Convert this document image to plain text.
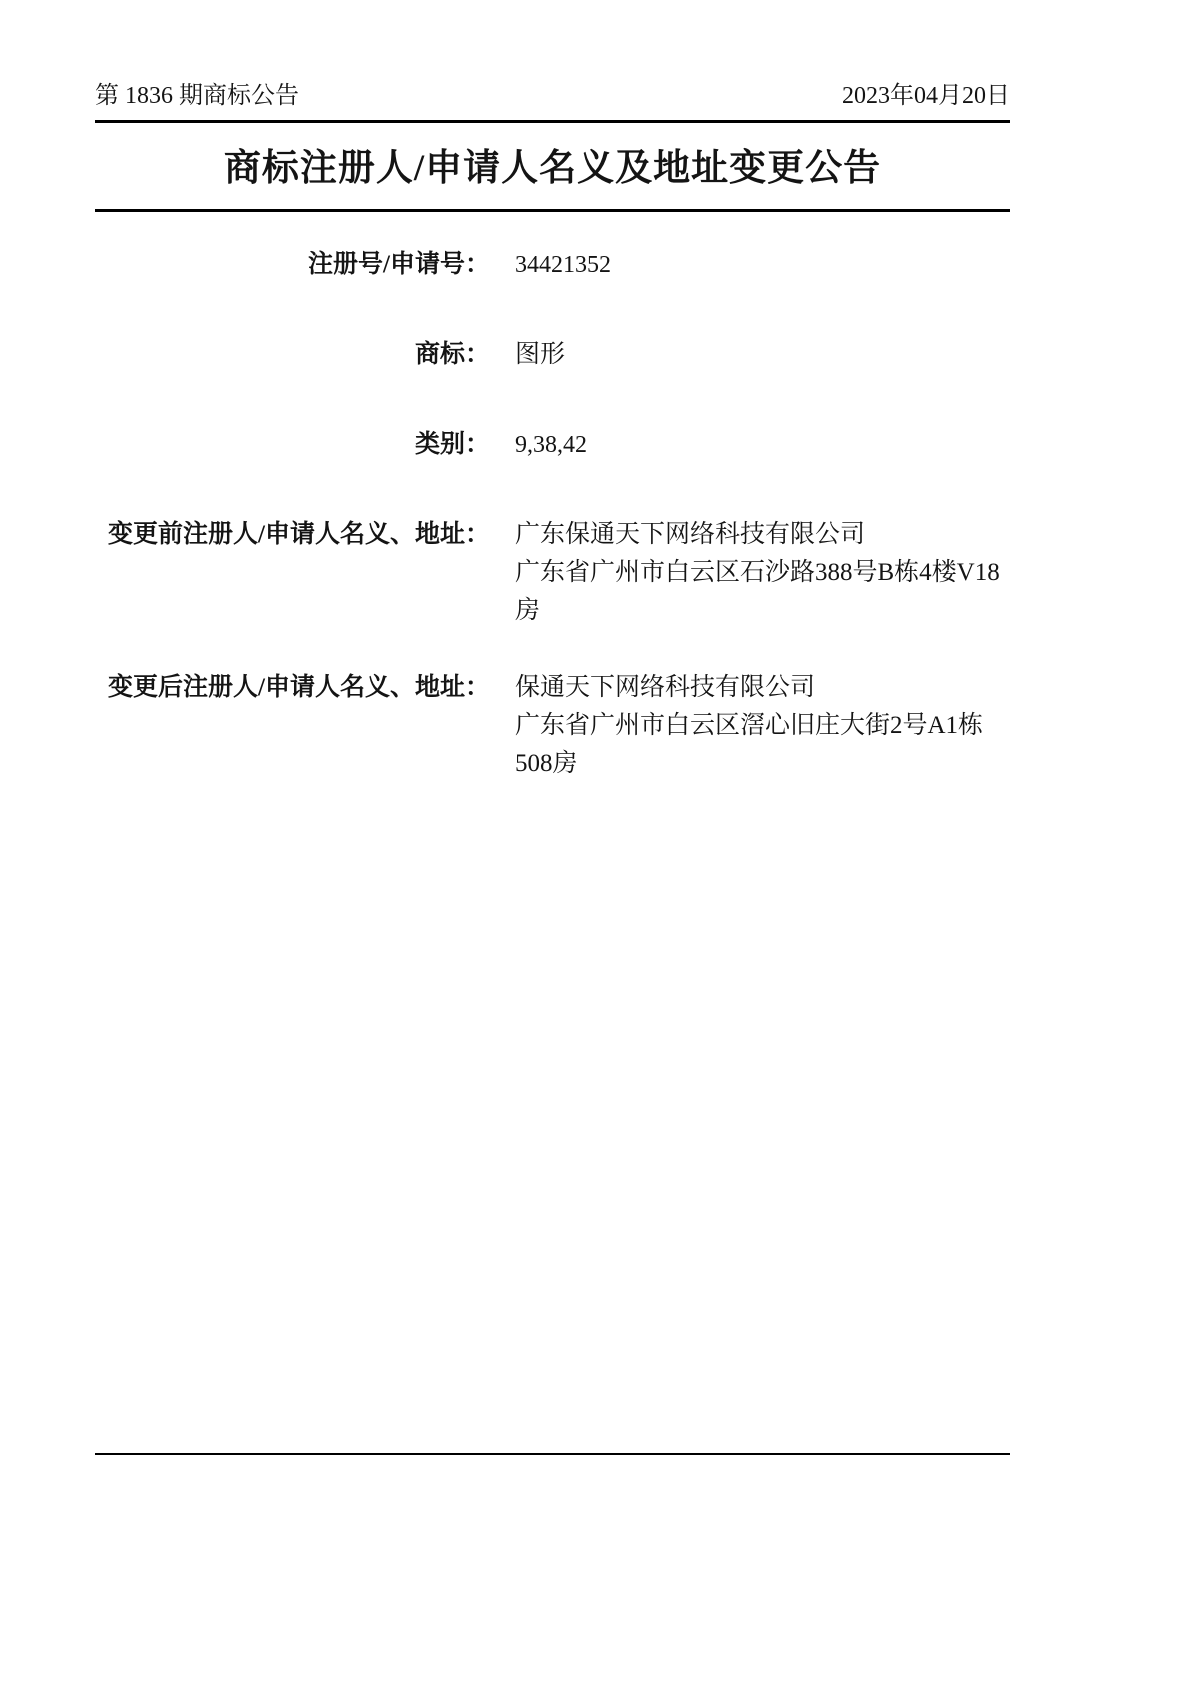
第 1836 期商标公告	2023年04月20日
商标注册人/申请人名义及地址变更公告
注册号/申请号： 34421352
商标： 图形
类别： 9,38,42
变更前注册人/申请人名义、地址： 广东保通天下网络科技有限公司
广东省广州市白云区石沙路388号B栋4楼V18房
变更后注册人/申请人名义、地址： 保通天下网络科技有限公司
广东省广州市白云区滘心旧庄大街2号A1栋508房
